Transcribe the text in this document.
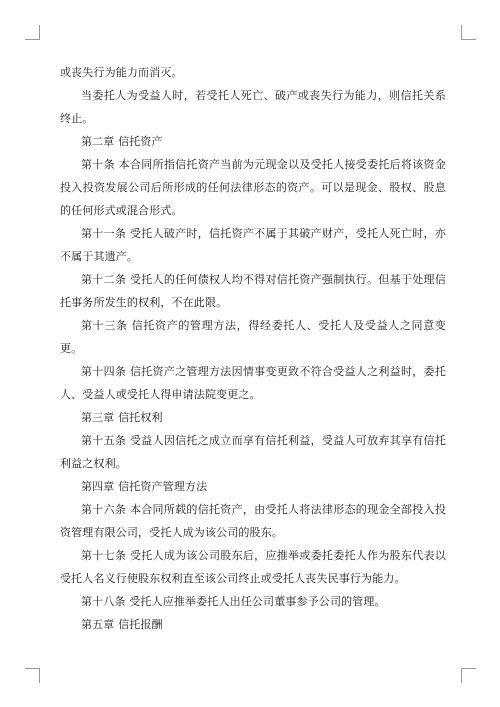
或丧失行为能力而消灭。

当委托人为受益人时，若受托人死亡、破产或丧失行为能力，则信托关系终止。

第二章 信托资产

第十条 本合同所指信托资产当前为元现金以及受托人接受委托后将该资金投入投资发展公司后所形成的任何法律形态的资产。可以是现金、股权、股息的任何形式或混合形式。

第十一条 受托人破产时，信托资产不属于其破产财产，受托人死亡时，亦不属于其遗产。

第十二条 受托人的任何债权人均不得对信托资产强制执行。但基于处理信托事务所发生的权利，不在此限。

第十三条 信托资产的管理方法，得经委托人、受托人及受益人之同意变更。

第十四条 信托资产之管理方法因情事变更致不符合受益人之利益时，委托人、受益人或受托人得申请法院变更之。

第三章 信托权利

第十五条 受益人因信托之成立而享有信托利益，受益人可放弃其享有信托利益之权利。

第四章 信托资产管理方法

第十六条 本合同所载的信托资产，由受托人将法律形态的现金全部投入投资管理有限公司，受托人成为该公司的股东。

第十七条 受托人成为该公司股东后，应推举或委托委托人作为股东代表以受托人名义行使股东权利直至该公司终止或受托人丧失民事行为能力。

第十八条 受托人应推举委托人出任公司董事参予公司的管理。

第五章 信托报酬
